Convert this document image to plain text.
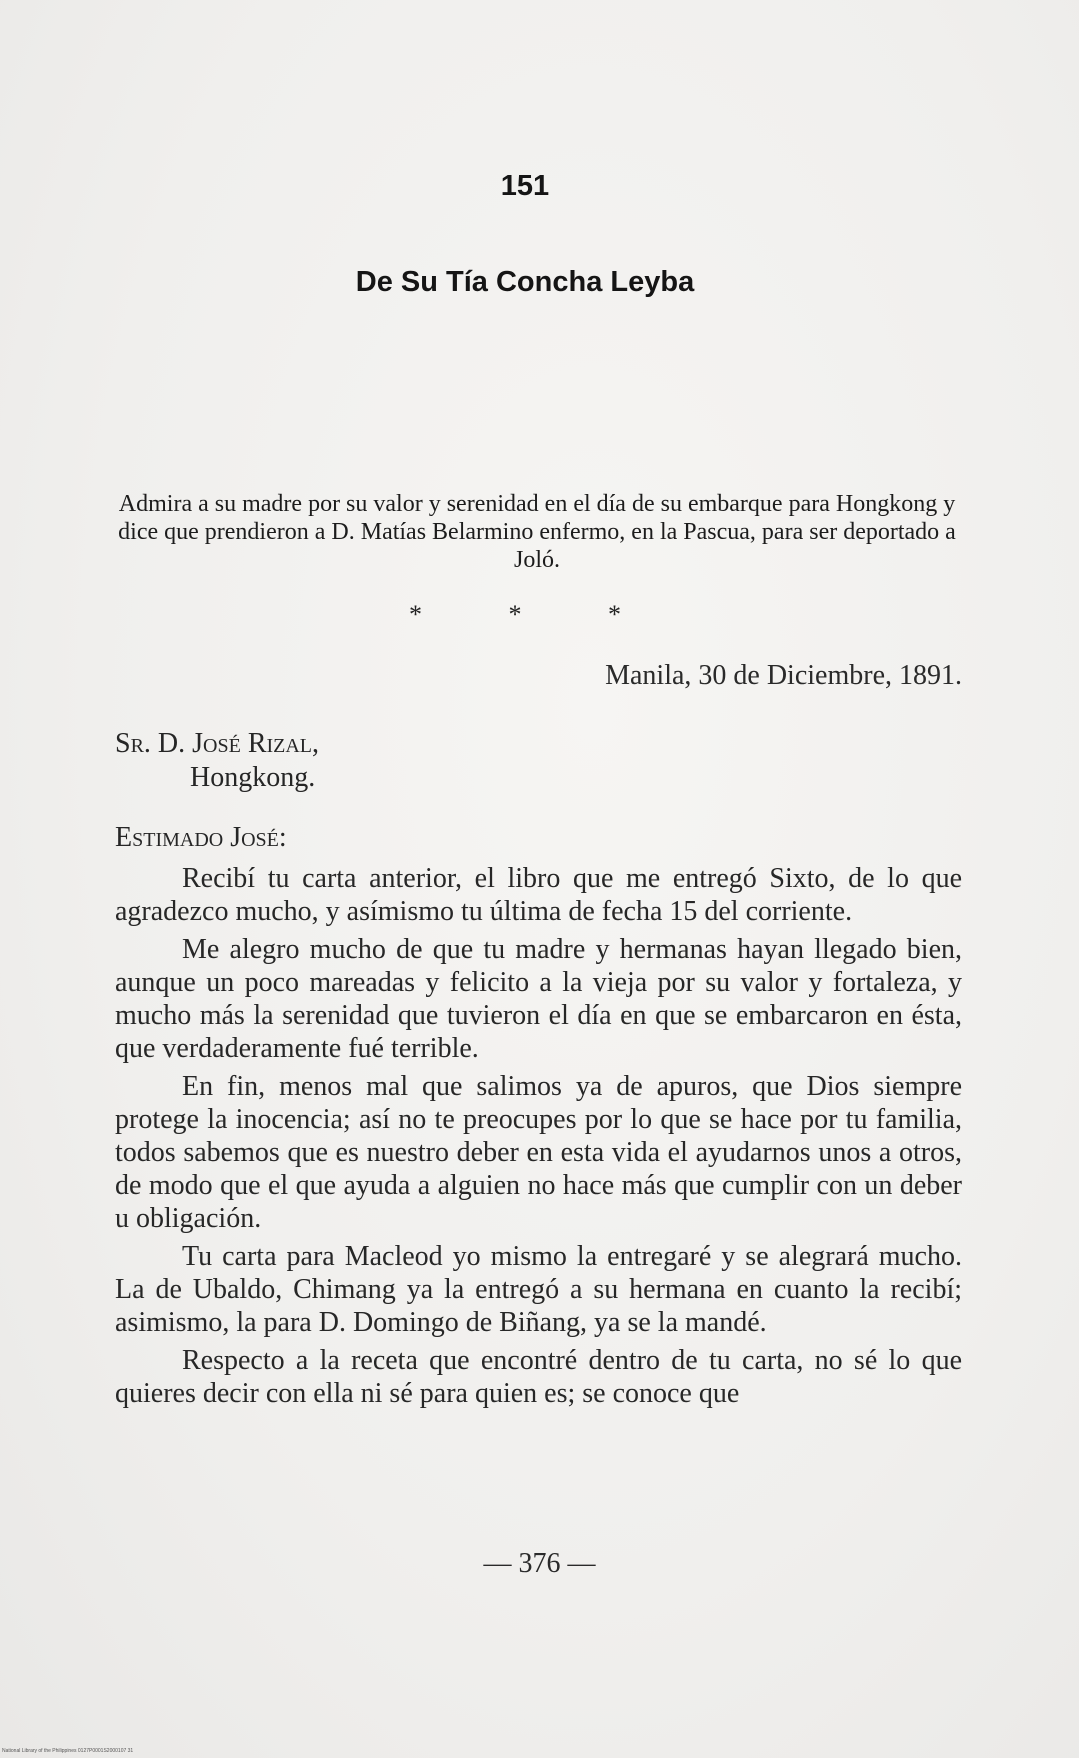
151
De Su Tía Concha Leyba
Admira a su madre por su valor y serenidad en el día de su embarque para Hongkong y dice que prendieron a D. Matías Belarmino enfermo, en la Pascua, para ser deportado a Joló.
* * *
Manila, 30 de Diciembre, 1891.
Sr. D. José Rizal,
Hongkong.
Estimado José:

Recibí tu carta anterior, el libro que me entregó Sixto, de lo que agradezco mucho, y asímismo tu última de fecha 15 del corriente.

Me alegro mucho de que tu madre y hermanas hayan llegado bien, aunque un poco mareadas y felicito a la vieja por su valor y fortaleza, y mucho más la serenidad que tuvieron el día en que se embarcaron en ésta, que verdaderamente fué terrible.

En fin, menos mal que salimos ya de apuros, que Dios siempre protege la inocencia; así no te preocupes por lo que se hace por tu familia, todos sabemos que es nuestro deber en esta vida el ayudarnos unos a otros, de modo que el que ayuda a alguien no hace más que cumplir con un deber u obligación.

Tu carta para Macleod yo mismo la entregaré y se alegrará mucho. La de Ubaldo, Chimang ya la entregó a su hermana en cuanto la recibí; asimismo, la para D. Domingo de Biñang, ya se la mandé.

Respecto a la receta que encontré dentro de tu carta, no sé lo que quieres decir con ella ni sé para quien es; se conoce que

— 376 —
National Library of the Philippines 0127P0001S2000107 31
